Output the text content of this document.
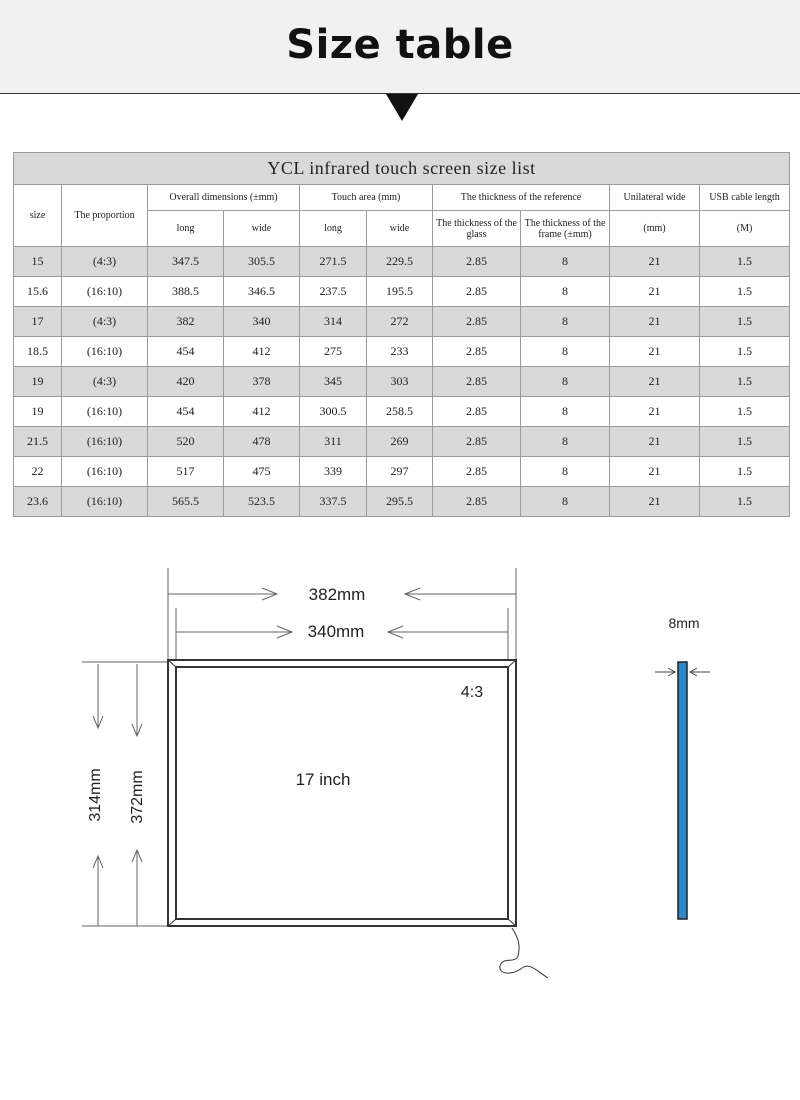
Size table
YCL infrared touch screen size list									
size	The proportion	Overall dimensions (±mm)		Touch area (mm)		The thickness of the reference		Unilateral wide	USB cable length
		long	wide	long	wide	The thickness of the glass	The thickness of the frame (±mm)	(mm)	(M)
15	(4:3)	347.5	305.5	271.5	229.5	2.85	8	21	1.5
15.6	(16:10)	388.5	346.5	237.5	195.5	2.85	8	21	1.5
17	(4:3)	382	340	314	272	2.85	8	21	1.5
18.5	(16:10)	454	412	275	233	2.85	8	21	1.5
19	(4:3)	420	378	345	303	2.85	8	21	1.5
19	(16:10)	454	412	300.5	258.5	2.85	8	21	1.5
21.5	(16:10)	520	478	311	269	2.85	8	21	1.5
22	(16:10)	517	475	339	297	2.85	8	21	1.5
23.6	(16:10)	565.5	523.5	337.5	295.5	2.85	8	21	1.5
382mm
340mm
4:3
17 inch
314mm 372mm
8mm
